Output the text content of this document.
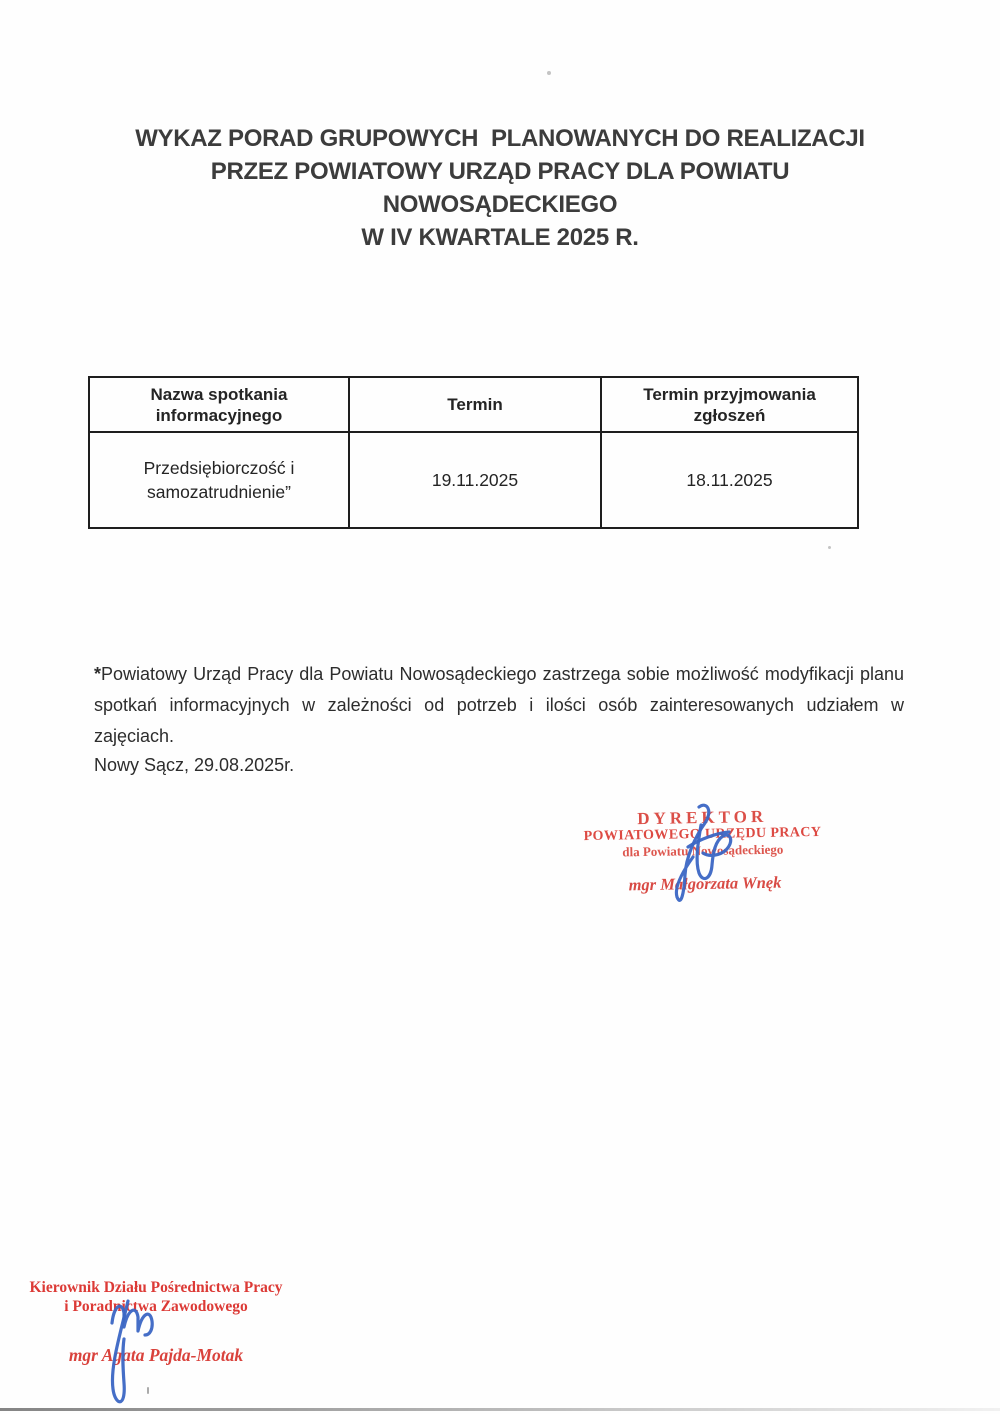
WYKAZ PORAD GRUPOWYCH  PLANOWANYCH DO REALIZACJI
PRZEZ POWIATOWY URZĄD PRACY DLA POWIATU
NOWOSĄDECKIEGO
W IV KWARTALE 2025 R.
Nazwa spotkania informacyjnego	Termin	Termin przyjmowania zgłoszeń
Przedsiębiorczość i samozatrudnienie”	19.11.2025	18.11.2025

*Powiatowy Urząd Pracy dla Powiatu Nowosądeckiego zastrzega sobie możliwość modyfikacji planu spotkań informacyjnych w zależności od potrzeb i ilości osób zainteresowanych udziałem w zajęciach.

Nowy Sącz, 29.08.2025r.
DYREKTOR
POWIATOWEGO URZĘDU PRACY
dla Powiatu Nowosądeckiego
mgr Małgorzata Wnęk
Kierownik Działu Pośrednictwa Pracy
i Poradnictwa Zawodowego
mgr Agata Pajda-Motak
